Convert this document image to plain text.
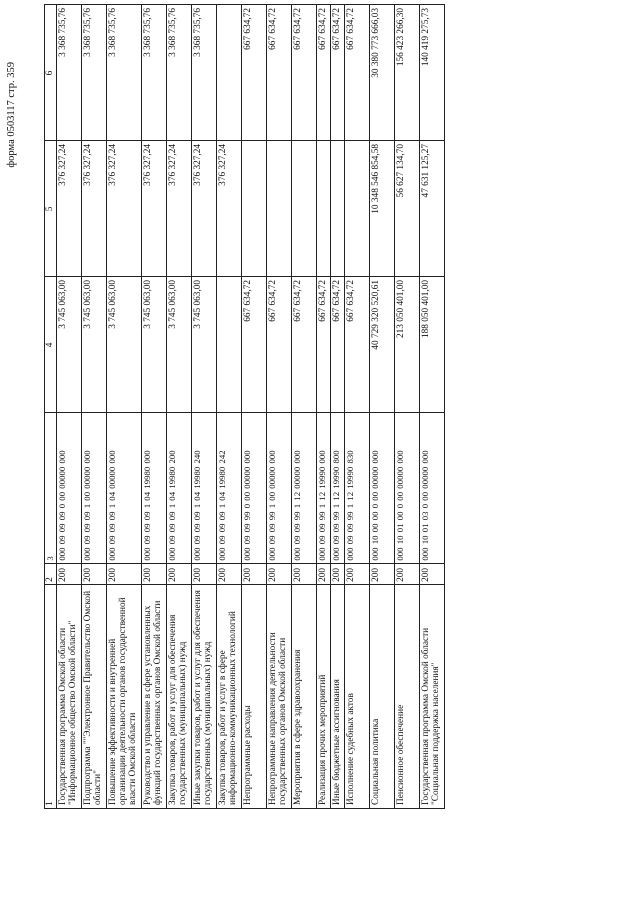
форма 0503117 стр. 359
1	2	3	4	5	6
Государственная программа Омской области "Информационное общество Омской области"	200	000 09 09 09 0 00 00000 000	3 745 063,00	376 327,24	3 368 735,76
Подпрограмма ""Электронное Правительство Омской области"	200	000 09 09 09 1 00 00000 000	3 745 063,00	376 327,24	3 368 735,76
Повышение эффективности и внутренней организации деятельности органов государственной власти Омской области	200	000 09 09 09 1 04 00000 000	3 745 063,00	376 327,24	3 368 735,76
Руководство и управление в сфере установленных функций государственных органов Омской области	200	000 09 09 09 1 04 19980 000	3 745 063,00	376 327,24	3 368 735,76
Закупка товаров, работ и услуг для обеспечения государственных (муниципальных) нужд	200	000 09 09 09 1 04 19980 200	3 745 063,00	376 327,24	3 368 735,76
Иные закупки товаров, работ и услуг для обеспечения государственных (муниципальных) нужд	200	000 09 09 09 1 04 19980 240	3 745 063,00	376 327,24	3 368 735,76
Закупка товаров, работ и услуг в сфере информационно-коммуникационных технологий	200	000 09 09 09 1 04 19980 242		376 327,24	
Непрограммные расходы	200	000 09 09 99 0 00 00000 000	667 634,72		667 634,72
Непрограммные направления деятельности государственных органов Омской области	200	000 09 09 99 1 00 00000 000	667 634,72		667 634,72
Мероприятия в сфере здравоохранения	200	000 09 09 99 1 12 00000 000	667 634,72		667 634,72
Реализация прочих мероприятий	200	000 09 09 99 1 12 19990 000	667 634,72		667 634,72
Иные бюджетные ассигнования	200	000 09 09 99 1 12 19990 800	667 634,72		667 634,72
Исполнение судебных актов	200	000 09 09 99 1 12 19990 830	667 634,72		667 634,72
Социальная политика	200	000 10 00 00 0 00 00000 000	40 729 320 520,61	10 348 546 854,58	30 380 773 666,03
Пенсионное обеспечение	200	000 10 01 00 0 00 00000 000	213 050 401,00	56 627 134,70	156 423 266,30
Государственная программа Омской области "Социальная поддержка населения"	200	000 10 01 03 0 00 00000 000	188 050 401,00	47 631 125,27	140 419 275,73
